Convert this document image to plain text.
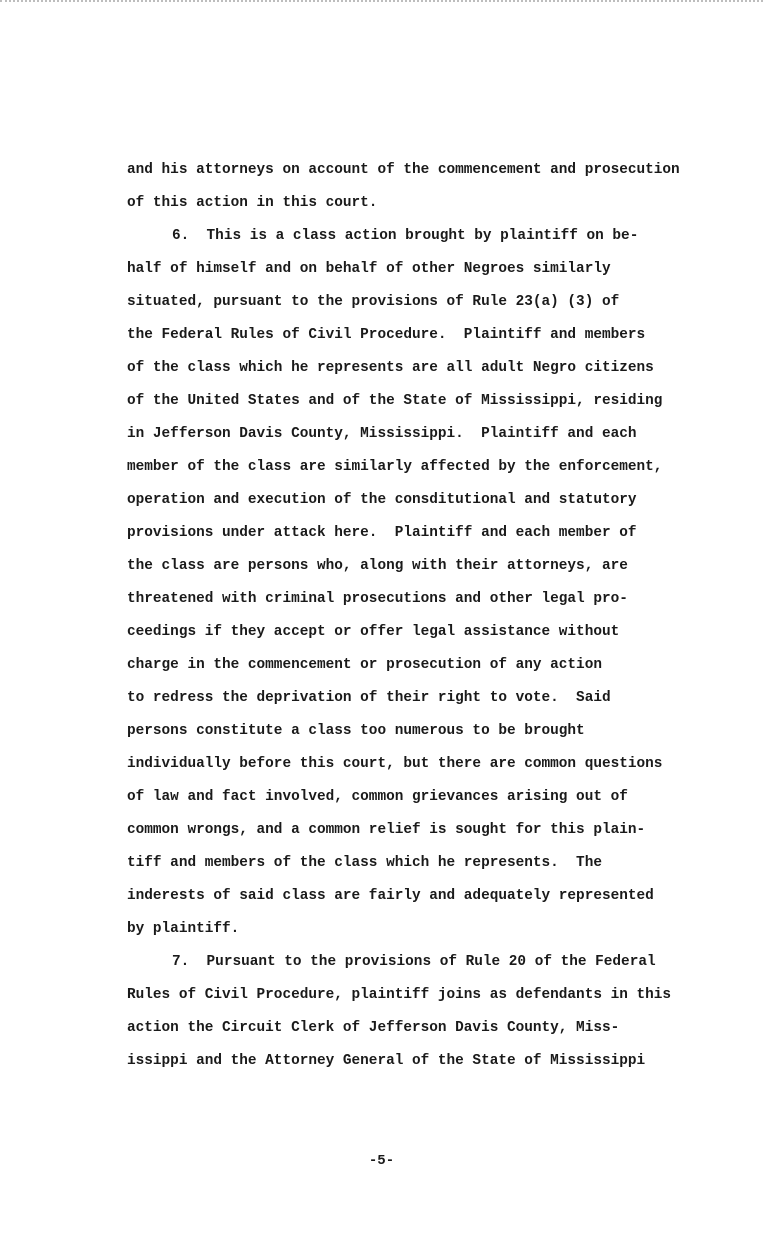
and his attorneys on account of the commencement and prosecution
of this action in this court.
6.  This is a class action brought by plaintiff on be-
half of himself and on behalf of other Negroes similarly
situated, pursuant to the provisions of Rule 23(a) (3) of
the Federal Rules of Civil Procedure.  Plaintiff and members
of the class which he represents are all adult Negro citizens
of the United States and of the State of Mississippi, residing
in Jefferson Davis County, Mississippi.  Plaintiff and each
member of the class are similarly affected by the enforcement,
operation and execution of the consditutional and statutory
provisions under attack here.  Plaintiff and each member of
the class are persons who, along with their attorneys, are
threatened with criminal prosecutions and other legal pro-
ceedings if they accept or offer legal assistance without
charge in the commencement or prosecution of any action
to redress the deprivation of their right to vote.  Said
persons constitute a class too numerous to be brought
individually before this court, but there are common questions
of law and fact involved, common grievances arising out of
common wrongs, and a common relief is sought for this plain-
tiff and members of the class which he represents.  The
inderests of said class are fairly and adequately represented
by plaintiff.
7.  Pursuant to the provisions of Rule 20 of the Federal
Rules of Civil Procedure, plaintiff joins as defendants in this
action the Circuit Clerk of Jefferson Davis County, Miss-
issippi and the Attorney General of the State of Mississippi
-5-
